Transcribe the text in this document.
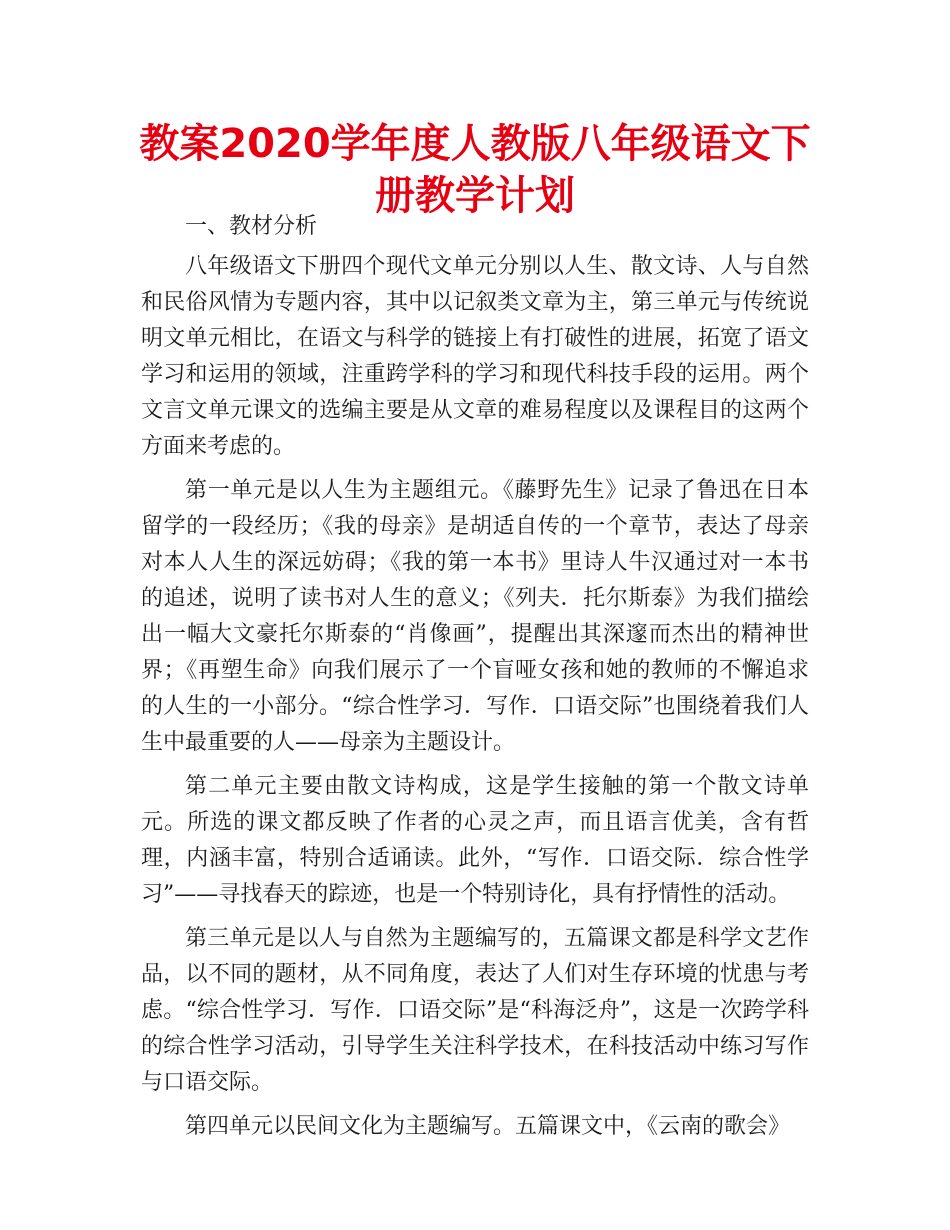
教案2020学年度人教版八年级语文下册教学计划

一、教材分析

八年级语文下册四个现代文单元分别以人生、散文诗、人与自然和民俗风情为专题内容，其中以记叙类文章为主，第三单元与传统说明文单元相比，在语文与科学的链接上有打破性的进展，拓宽了语文学习和运用的领域，注重跨学科的学习和现代科技手段的运用。两个文言文单元课文的选编主要是从文章的难易程度以及课程目的这两个方面来考虑的。

第一单元是以人生为主题组元。《藤野先生》记录了鲁迅在日本留学的一段经历；《我的母亲》是胡适自传的一个章节，表达了母亲对本人人生的深远妨碍；《我的第一本书》里诗人牛汉通过对一本书的追述，说明了读书对人生的意义；《列夫．托尔斯泰》为我们描绘出一幅大文豪托尔斯泰的“肖像画”，提醒出其深邃而杰出的精神世界；《再塑生命》向我们展示了一个盲哑女孩和她的教师的不懈追求的人生的一小部分。“综合性学习．写作．口语交际”也围绕着我们人生中最重要的人——母亲为主题设计。

第二单元主要由散文诗构成，这是学生接触的第一个散文诗单元。所选的课文都反映了作者的心灵之声，而且语言优美，含有哲理，内涵丰富，特别合适诵读。此外，“写作．口语交际．综合性学习”——寻找春天的踪迹，也是一个特别诗化，具有抒情性的活动。

第三单元是以人与自然为主题编写的，五篇课文都是科学文艺作品，以不同的题材，从不同角度，表达了人们对生存环境的忧患与考虑。“综合性学习．写作．口语交际”是“科海泛舟”，这是一次跨学科的综合性学习活动，引导学生关注科学技术，在科技活动中练习写作与口语交际。

第四单元以民间文化为主题编写。五篇课文中，《云南的歌会》
